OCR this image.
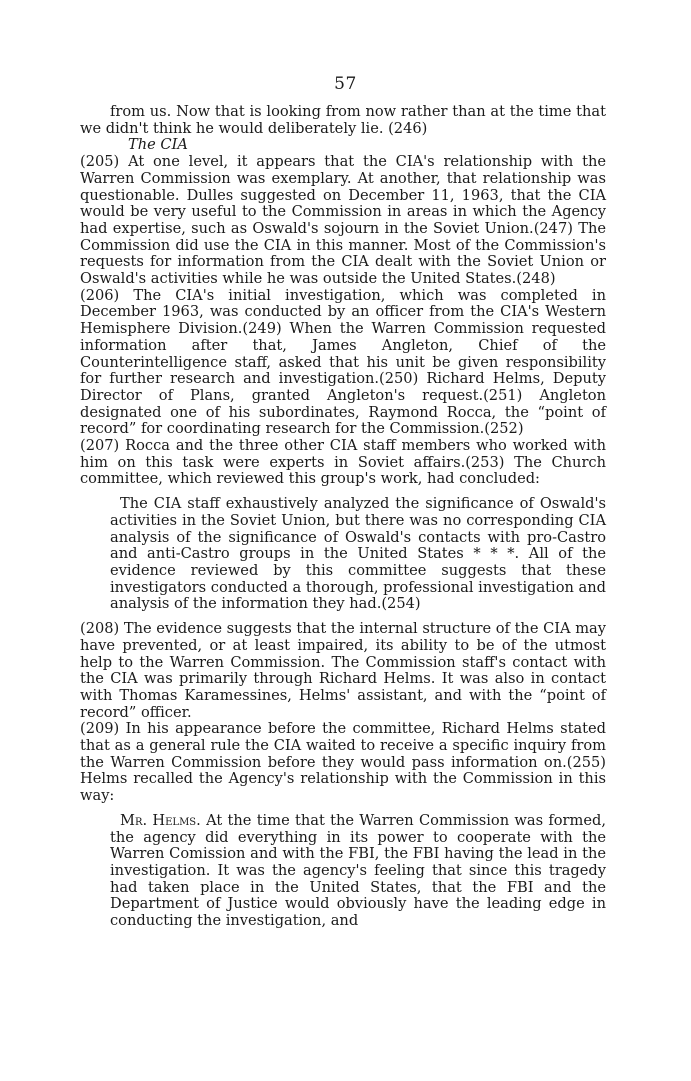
57

from us. Now that is looking from now rather than at the time that we didn't think he would deliberately lie. (246)

The CIA

(205) At one level, it appears that the CIA's relationship with the Warren Commission was exemplary. At another, that relationship was questionable. Dulles suggested on December 11, 1963, that the CIA would be very useful to the Commission in areas in which the Agency had expertise, such as Oswald's sojourn in the Soviet Union.(247) The Commission did use the CIA in this manner. Most of the Commission's requests for information from the CIA dealt with the Soviet Union or Oswald's activities while he was outside the United States.(248)

(206) The CIA's initial investigation, which was completed in December 1963, was conducted by an officer from the CIA's Western Hemisphere Division.(249) When the Warren Commission requested information after that, James Angleton, Chief of the Counterintelligence staff, asked that his unit be given responsibility for further research and investigation.(250) Richard Helms, Deputy Director of Plans, granted Angleton's request.(251) Angleton designated one of his subordinates, Raymond Rocca, the “point of record” for coordinating research for the Commission.(252)

(207) Rocca and the three other CIA staff members who worked with him on this task were experts in Soviet affairs.(253) The Church committee, which reviewed this group's work, had concluded:

The CIA staff exhaustively analyzed the significance of Oswald's activities in the Soviet Union, but there was no corresponding CIA analysis of the significance of Oswald's contacts with pro-Castro and anti-Castro groups in the United States * * *. All of the evidence reviewed by this committee suggests that these investigators conducted a thorough, professional investigation and analysis of the information they had.(254)

(208) The evidence suggests that the internal structure of the CIA may have prevented, or at least impaired, its ability to be of the utmost help to the Warren Commission. The Commission staff's contact with the CIA was primarily through Richard Helms. It was also in contact with Thomas Karamessines, Helms' assistant, and with the “point of record” officer.

(209) In his appearance before the committee, Richard Helms stated that as a general rule the CIA waited to receive a specific inquiry from the Warren Commission before they would pass information on.(255) Helms recalled the Agency's relationship with the Commission in this way:

Mr. Helms. At the time that the Warren Commission was formed, the agency did everything in its power to cooperate with the Warren Comission and with the FBI, the FBI having the lead in the investigation. It was the agency's feeling that since this tragedy had taken place in the United States, that the FBI and the Department of Justice would obviously have the leading edge in conducting the investigation, and
